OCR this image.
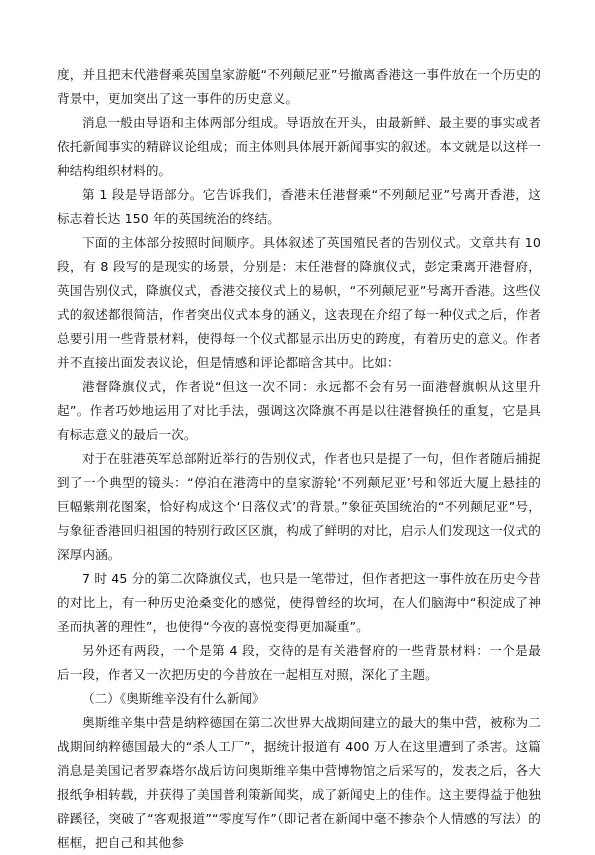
度，并且把末代港督乘英国皇家游艇“不列颠尼亚”号撤离香港这一事件放在一个历史的背景中，更加突出了这一事件的历史意义。

消息一般由导语和主体两部分组成。导语放在开头，由最新鲜、最主要的事实或者依托新闻事实的精辟议论组成；而主体则具体展开新闻事实的叙述。本文就是以这样一种结构组织材料的。

第 1 段是导语部分。它告诉我们，香港末任港督乘“不列颠尼亚”号离开香港，这标志着长达 150 年的英国统治的终结。

下面的主体部分按照时间顺序。具体叙述了英国殖民者的告别仪式。文章共有 10 段，有 8 段写的是现实的场景，分别是：末任港督的降旗仪式，彭定秉离开港督府，英国告别仪式，降旗仪式，香港交接仪式上的易帜，“不列颠尼亚”号离开香港。这些仪式的叙述都很简洁，作者突出仪式本身的涵义，这表现在介绍了每一种仪式之后，作者总要引用一些背景材料，使得每一个仪式都显示出历史的跨度，有着历史的意义。作者并不直接出面发表议论，但是情感和评论都暗含其中。比如：

港督降旗仪式，作者说“但这一次不同：永远都不会有另一面港督旗帜从这里升起”。作者巧妙地运用了对比手法，强调这次降旗不再是以往港督换任的重复，它是具有标志意义的最后一次。

对于在驻港英军总部附近举行的告别仪式，作者也只是提了一句，但作者随后捕捉到了一个典型的镜头：“停泊在港湾中的皇家游轮‘不列颠尼亚’号和邻近大厦上悬挂的巨幅紫荆花图案，恰好构成这个‘日落仪式’的背景。”象征英国统治的“不列颠尼亚”号，与象征香港回归祖国的特别行政区区旗，构成了鲜明的对比，启示人们发现这一仪式的深厚内涵。

7 时 45 分的第二次降旗仪式，也只是一笔带过，但作者把这一事件放在历史今昔的对比上，有一种历史沧桑变化的感觉，使得曾经的坎坷，在人们脑海中“积淀成了神圣而执著的理性”，也使得“今夜的喜悦变得更加凝重”。

另外还有两段，一个是第 4 段，交待的是有关港督府的一些背景材料：一个是最后一段，作者又一次把历史的今昔放在一起相互对照，深化了主题。

（二）《奥斯维辛没有什么新闻》

奥斯维辛集中营是纳粹德国在第二次世界大战期间建立的最大的集中营，被称为二战期间纳粹德国最大的“杀人工厂”，据统计报道有 400 万人在这里遭到了杀害。这篇消息是美国记者罗森塔尔战后访问奥斯维辛集中营博物馆之后采写的，发表之后，各大报纸争相转载，并获得了美国普利策新闻奖，成了新闻史上的佳作。这主要得益于他独辟蹊径，突破了“客观报道”“零度写作”（即记者在新闻中毫不掺杂个人情感的写法）的框框，把自己和其他参
